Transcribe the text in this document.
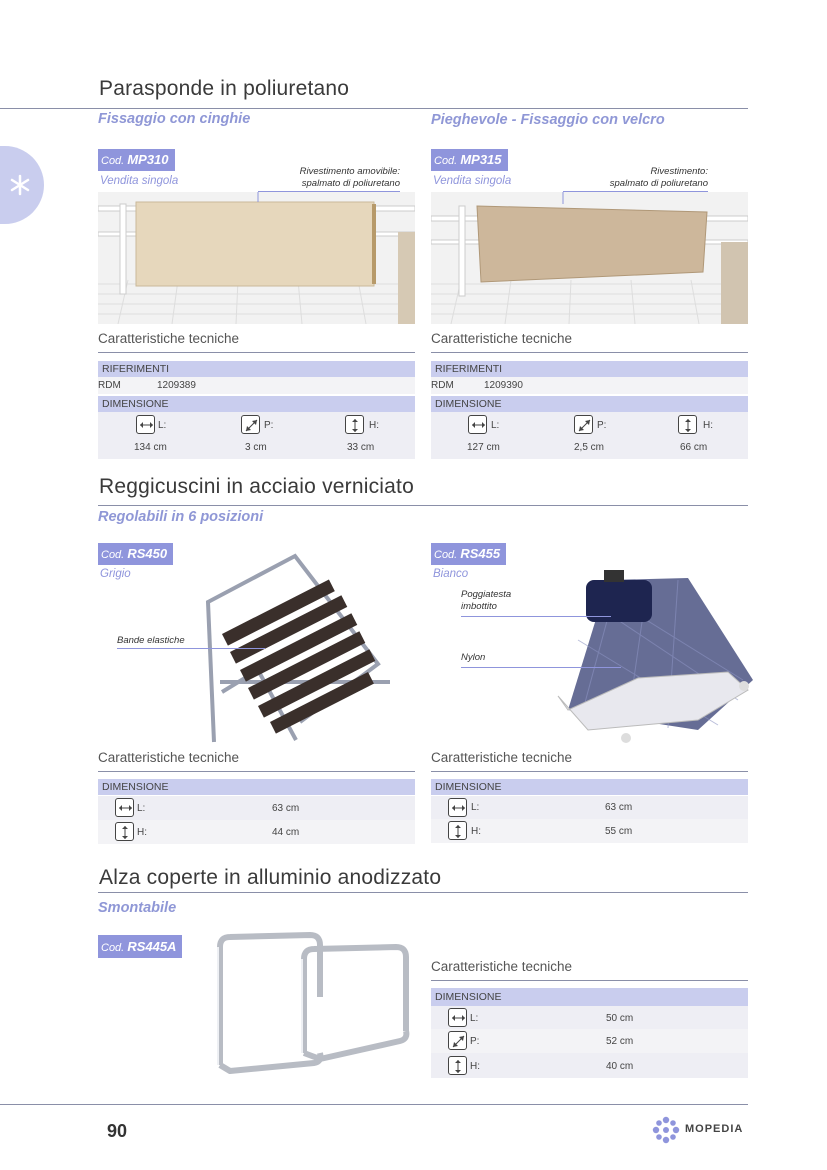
Parasponde in poliuretano
Fissaggio con cinghie	Pieghevole - Fissaggio con velcro
Cod. MP310
Vendita singola
Rivestimento amovibile:
spalmato di poliuretano
Caratteristiche tecniche
RIFERIMENTI
RDM	1209389
DIMENSIONE
L:	P:	H:
134 cm	3 cm	33 cm
Cod. MP315
Vendita singola
Rivestimento:
spalmato di poliuretano
Caratteristiche tecniche
RIFERIMENTI
RDM	1209390
DIMENSIONE
L:	P:	H:
127 cm	2,5 cm	66 cm
Reggicuscini in acciaio verniciato
Regolabili in 6 posizioni
Cod. RS450
Grigio
Bande elastiche
Caratteristiche tecniche
DIMENSIONE
L:	63 cm
H:	44 cm
Cod. RS455
Bianco
Poggiatesta
imbottito
Nylon
Caratteristiche tecniche
DIMENSIONE
L:	63 cm
H:	55 cm
Alza coperte in alluminio anodizzato
Smontabile
Cod. RS445A
Caratteristiche tecniche
DIMENSIONE
L:	50 cm
P:	52 cm
H:	40 cm
90	MOPEDIA
